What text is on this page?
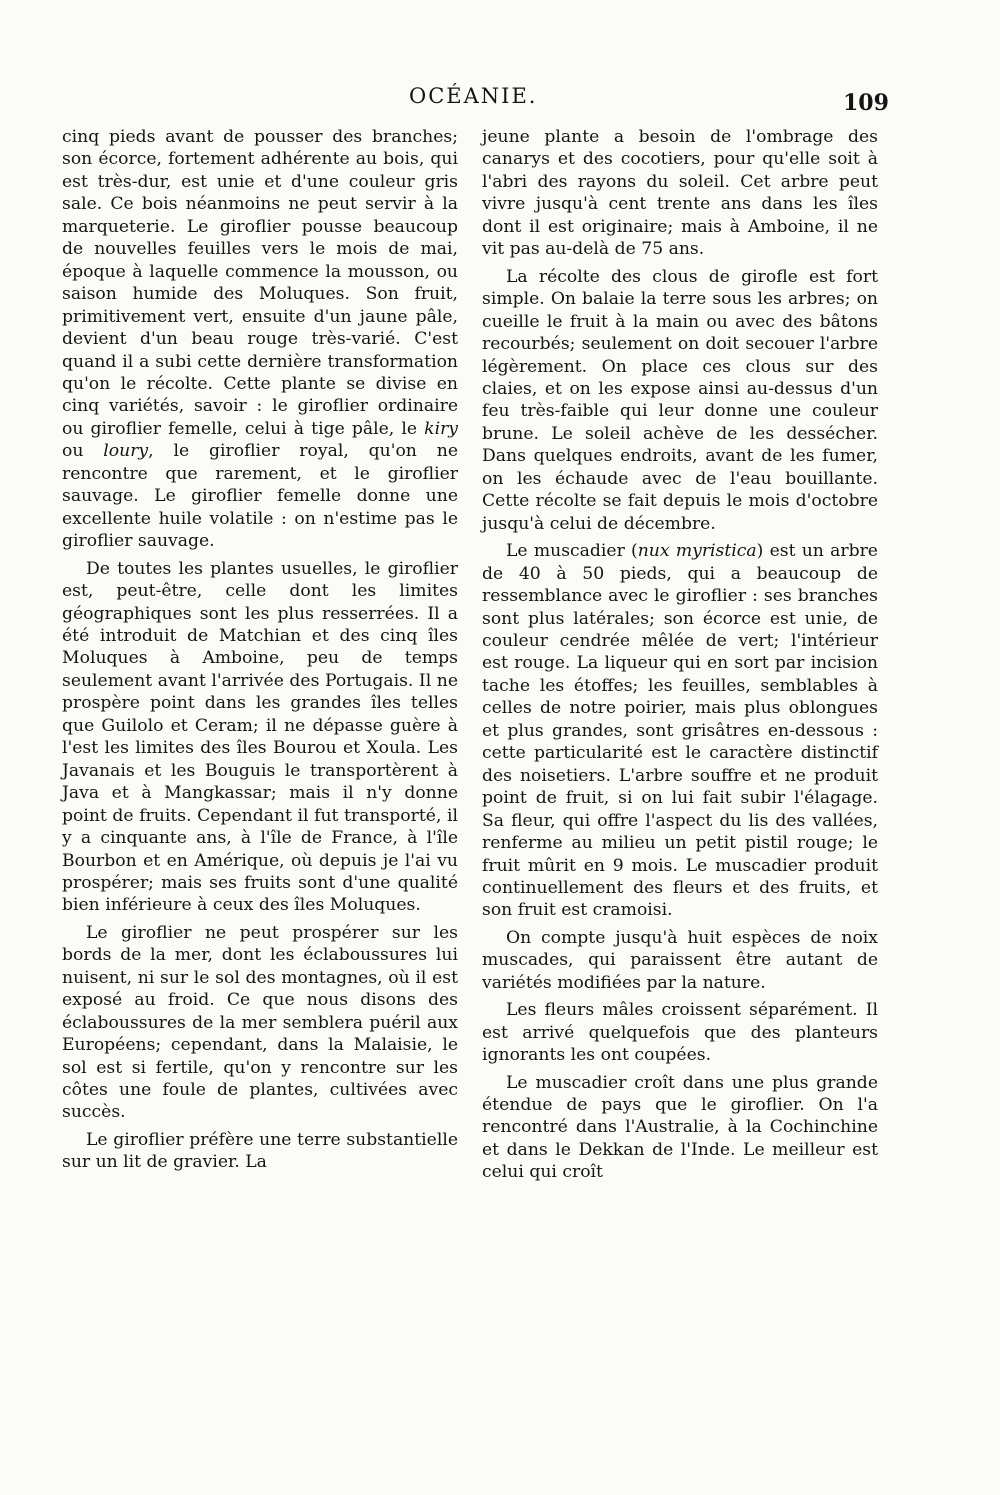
OCÉANIE.	109

cinq pieds avant de pousser des branches; son écorce, fortement adhérente au bois, qui est très-dur, est unie et d'une couleur gris sale. Ce bois néanmoins ne peut servir à la marqueterie. Le giroflier pousse beaucoup de nouvelles feuilles vers le mois de mai, époque à laquelle commence la mousson, ou saison humide des Moluques. Son fruit, primitivement vert, ensuite d'un jaune pâle, devient d'un beau rouge très-varié. C'est quand il a subi cette dernière transformation qu'on le récolte. Cette plante se divise en cinq variétés, savoir : le giroflier ordinaire ou giroflier femelle, celui à tige pâle, le kiry ou loury, le giroflier royal, qu'on ne rencontre que rarement, et le giroflier sauvage. Le giroflier femelle donne une excellente huile volatile : on n'estime pas le giroflier sauvage.

De toutes les plantes usuelles, le giroflier est, peut-être, celle dont les limites géographiques sont les plus resserrées. Il a été introduit de Matchian et des cinq îles Moluques à Amboine, peu de temps seulement avant l'arrivée des Portugais. Il ne prospère point dans les grandes îles telles que Guilolo et Ceram; il ne dépasse guère à l'est les limites des îles Bourou et Xoula. Les Javanais et les Bouguis le transportèrent à Java et à Mangkassar; mais il n'y donne point de fruits. Cependant il fut transporté, il y a cinquante ans, à l'île de France, à l'île Bourbon et en Amérique, où depuis je l'ai vu prospérer; mais ses fruits sont d'une qualité bien inférieure à ceux des îles Moluques.

Le giroflier ne peut prospérer sur les bords de la mer, dont les éclaboussures lui nuisent, ni sur le sol des montagnes, où il est exposé au froid. Ce que nous disons des éclaboussures de la mer semblera puéril aux Européens; cependant, dans la Malaisie, le sol est si fertile, qu'on y rencontre sur les côtes une foule de plantes, cultivées avec succès.

Le giroflier préfère une terre substantielle sur un lit de gravier. La

jeune plante a besoin de l'ombrage des canarys et des cocotiers, pour qu'elle soit à l'abri des rayons du soleil. Cet arbre peut vivre jusqu'à cent trente ans dans les îles dont il est originaire; mais à Amboine, il ne vit pas au-delà de 75 ans.

La récolte des clous de girofle est fort simple. On balaie la terre sous les arbres; on cueille le fruit à la main ou avec des bâtons recourbés; seulement on doit secouer l'arbre légèrement. On place ces clous sur des claies, et on les expose ainsi au-dessus d'un feu très-faible qui leur donne une couleur brune. Le soleil achève de les dessécher. Dans quelques endroits, avant de les fumer, on les échaude avec de l'eau bouillante. Cette récolte se fait depuis le mois d'octobre jusqu'à celui de décembre.

Le muscadier (nux myristica) est un arbre de 40 à 50 pieds, qui a beaucoup de ressemblance avec le giroflier : ses branches sont plus latérales; son écorce est unie, de couleur cendrée mêlée de vert; l'intérieur est rouge. La liqueur qui en sort par incision tache les étoffes; les feuilles, semblables à celles de notre poirier, mais plus oblongues et plus grandes, sont grisâtres en-dessous : cette particularité est le caractère distinctif des noisetiers. L'arbre souffre et ne produit point de fruit, si on lui fait subir l'élagage. Sa fleur, qui offre l'aspect du lis des vallées, renferme au milieu un petit pistil rouge; le fruit mûrit en 9 mois. Le muscadier produit continuellement des fleurs et des fruits, et son fruit est cramoisi.

On compte jusqu'à huit espèces de noix muscades, qui paraissent être autant de variétés modifiées par la nature.

Les fleurs mâles croissent séparément. Il est arrivé quelquefois que des planteurs ignorants les ont coupées.

Le muscadier croît dans une plus grande étendue de pays que le giroflier. On l'a rencontré dans l'Australie, à la Cochinchine et dans le Dekkan de l'Inde. Le meilleur est celui qui croît
